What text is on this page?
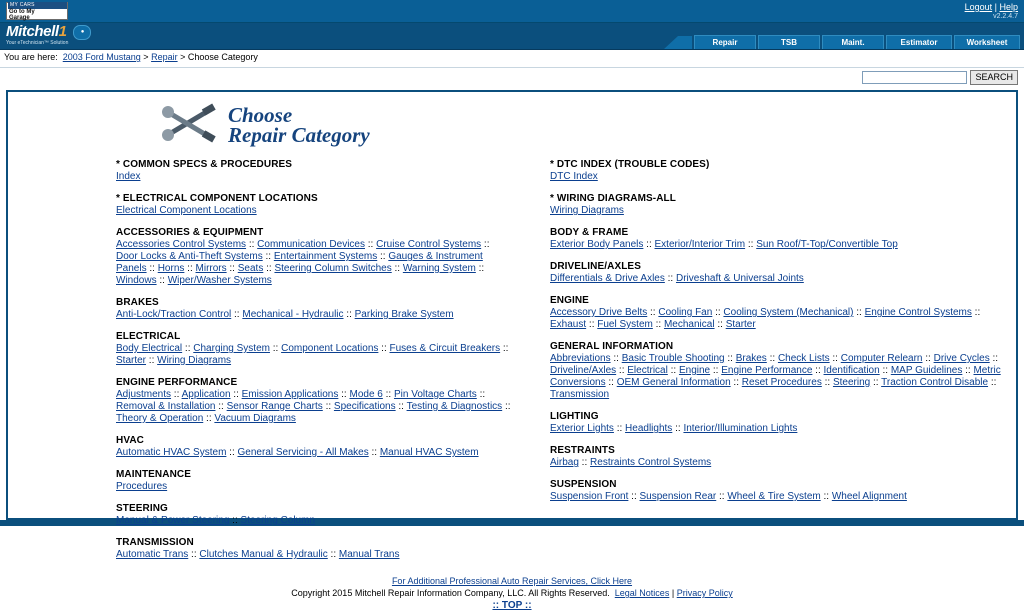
MY CARS
Go to My
Garage
Logout | Help
v2.2.4.7
Mitchell1 ●
Your eTechnician™ Solution	Repair	TSB	Maint.	Estimator	Worksheet
You are here: 2003 Ford Mustang > Repair > Choose Category
SEARCH
Choose
Repair Category
* COMMON SPECS & PROCEDURES
Index
* ELECTRICAL COMPONENT LOCATIONS
Electrical Component Locations
ACCESSORIES & EQUIPMENT
Accessories Control Systems :: Communication Devices :: Cruise Control Systems :: Door Locks & Anti-Theft Systems :: Entertainment Systems :: Gauges & Instrument Panels :: Horns :: Mirrors :: Seats :: Steering Column Switches :: Warning System :: Windows :: Wiper/Washer Systems
BRAKES
Anti-Lock/Traction Control :: Mechanical - Hydraulic :: Parking Brake System
ELECTRICAL
Body Electrical :: Charging System :: Component Locations :: Fuses & Circuit Breakers :: Starter :: Wiring Diagrams
ENGINE PERFORMANCE
Adjustments :: Application :: Emission Applications :: Mode 6 :: Pin Voltage Charts :: Removal & Installation :: Sensor Range Charts :: Specifications :: Testing & Diagnostics :: Theory & Operation :: Vacuum Diagrams
HVAC
Automatic HVAC System :: General Servicing - All Makes :: Manual HVAC System
MAINTENANCE
Procedures
STEERING
Manual & Power Steering :: Steering Column
TRANSMISSION
Automatic Trans :: Clutches Manual & Hydraulic :: Manual Trans
* DTC INDEX (TROUBLE CODES)
DTC Index
* WIRING DIAGRAMS-ALL
Wiring Diagrams
BODY & FRAME
Exterior Body Panels :: Exterior/Interior Trim :: Sun Roof/T-Top/Convertible Top
DRIVELINE/AXLES
Differentials & Drive Axles :: Driveshaft & Universal Joints
ENGINE
Accessory Drive Belts :: Cooling Fan :: Cooling System (Mechanical) :: Engine Control Systems :: Exhaust :: Fuel System :: Mechanical :: Starter
GENERAL INFORMATION
Abbreviations :: Basic Trouble Shooting :: Brakes :: Check Lists :: Computer Relearn :: Drive Cycles :: Driveline/Axles :: Electrical :: Engine :: Engine Performance :: Identification :: MAP Guidelines :: Metric Conversions :: OEM General Information :: Reset Procedures :: Steering :: Traction Control Disable :: Transmission
LIGHTING
Exterior Lights :: Headlights :: Interior/Illumination Lights
RESTRAINTS
Airbag :: Restraints Control Systems
SUSPENSION
Suspension Front :: Suspension Rear :: Wheel & Tire System :: Wheel Alignment
For Additional Professional Auto Repair Services, Click Here
Copyright 2015 Mitchell Repair Information Company, LLC. All Rights Reserved. Legal Notices | Privacy Policy
:: TOP ::
